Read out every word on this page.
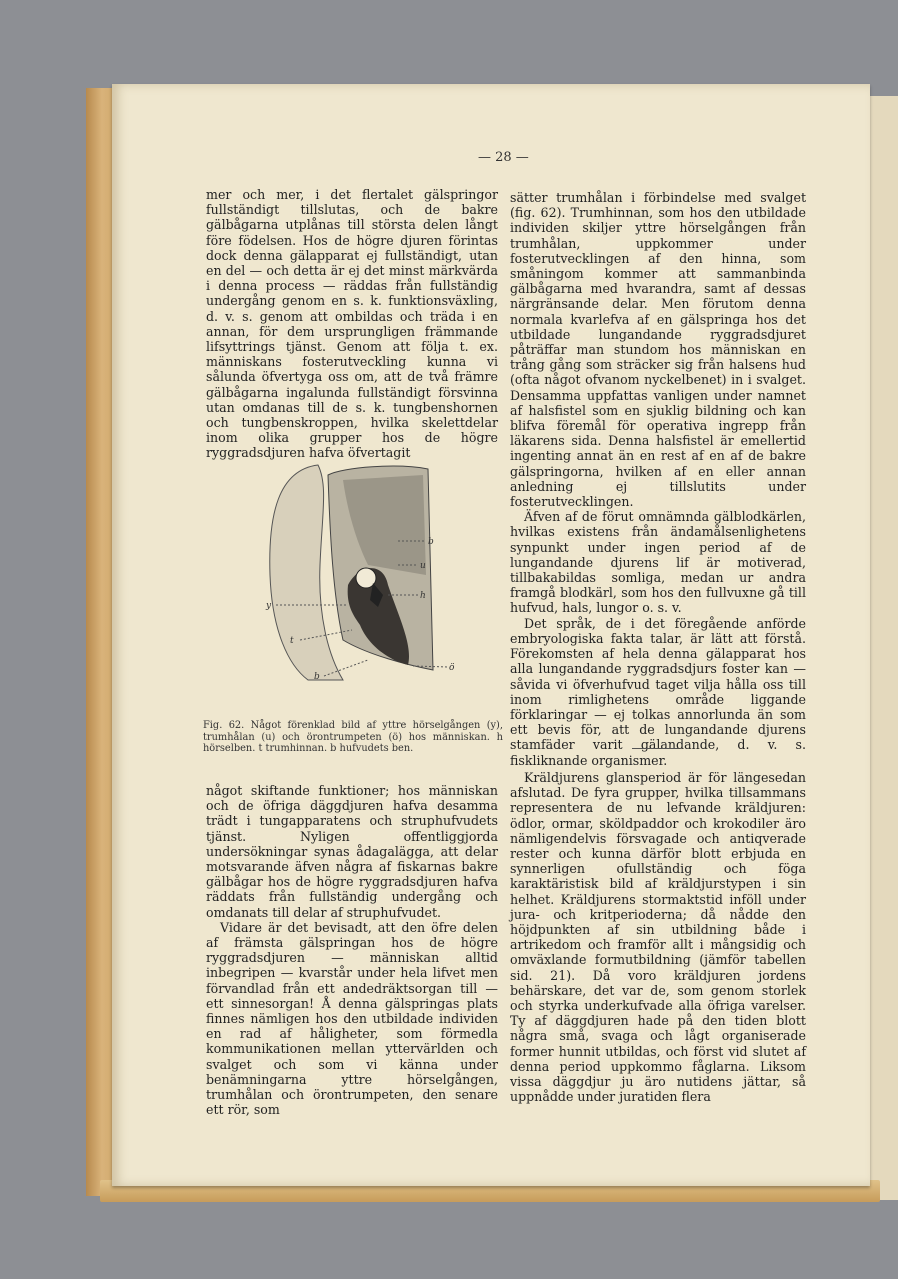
— 28 —

mer och mer, i det flertalet gälspringor fullständigt tillslutas, och de bakre gälbågarna utplånas till största delen långt före födelsen. Hos de högre djuren förintas dock denna gälapparat ej fullständigt, utan en del — och detta är ej det minst märkvärda i denna process — räddas från fullständig undergång genom en s. k. funktionsväxling, d. v. s. genom att ombildas och träda i en annan, för dem ursprungligen främmande lifsyttrings tjänst. Genom att följa t. ex. människans fosterutveckling kunna vi sålunda öfvertyga oss om, att de två främre gälbågarna ingalunda fullständigt försvinna utan omdanas till de s. k. tungbenshornen och tungbenskroppen, hvilka skelettdelar inom olika grupper hos de högre ryggradsdjuren hafva öfvertagit

b
u
h
y
t
b
ö
Fig. 62. Något förenklad bild af yttre hörselgången (y), trumhålan (u) och örontrumpeten (ö) hos människan. h hörselben. t trumhinnan. b hufvudets ben.

något skiftande funktioner; hos människan och de öfriga däggdjuren hafva desamma trädt i tungapparatens och struphufvudets tjänst. Nyligen offentliggjorda undersökningar synas ådagalägga, att delar motsvarande äfven några af fiskarnas bakre gälbågar hos de högre ryggradsdjuren hafva räddats från fullständig undergång och omdanats till delar af struphufvudet.

Vidare är det bevisadt, att den öfre delen af främsta gälspringan hos de högre ryggradsdjuren — människan alltid inbegripen — kvarstår under hela lifvet men förvandlad från ett andedräktsorgan till — ett sinnesorgan! Å denna gälspringas plats finnes nämligen hos den utbildade individen en rad af håligheter, som förmedla kommunikationen mellan yttervärlden och svalget och som vi känna under benämningarna yttre hörselgången, trumhålan och örontrumpeten, den senare ett rör, som

sätter trumhålan i förbindelse med svalget (fig. 62). Trumhinnan, som hos den utbildade individen skiljer yttre hörselgången från trumhålan, uppkommer under fosterutvecklingen af den hinna, som småningom kommer att sammanbinda gälbågarna med hvarandra, samt af dessas närgränsande delar. Men förutom denna normala kvarlefva af en gälspringa hos det utbildade lungandande ryggradsdjuret påträffar man stundom hos människan en trång gång som sträcker sig från halsens hud (ofta något ofvanom nyckelbenet) in i svalget. Densamma uppfattas vanligen under namnet af halsfistel som en sjuklig bildning och kan blifva föremål för operativa ingrepp från läkarens sida. Denna halsfistel är emellertid ingenting annat än en rest af en af de bakre gälspringorna, hvilken af en eller annan anledning ej tillslutits under fosterutvecklingen.

Äfven af de förut omnämnda gälblodkärlen, hvilkas existens från ändamålsenlighetens synpunkt under ingen period af de lungandande djurens lif är motiverad, tillbakabildas somliga, medan ur andra framgå blodkärl, som hos den fullvuxne gå till hufvud, hals, lungor o. s. v.

Det språk, de i det föregående anförde embryologiska fakta talar, är lätt att förstå. Förekomsten af hela denna gälapparat hos alla lungandande ryggradsdjurs foster kan — såvida vi öfverhufvud taget vilja hålla oss till inom rimlighetens område liggande förklaringar — ej tolkas annorlunda än som ett bevis för, att de lungandande djurens stamfäder varit gälandande, d. v. s. fiskliknande organismer.

Kräldjurens glansperiod är för längesedan afslutad. De fyra grupper, hvilka tillsammans representera de nu lefvande kräldjuren: ödlor, ormar, sköldpaddor och krokodiler äro nämligendelvis försvagade och antiqverade rester och kunna därför blott erbjuda en synnerligen ofullständig och föga karaktäristisk bild af kräldjurstypen i sin helhet. Kräldjurens stormaktstid inföll under jura- och kritperioderna; då nådde den höjdpunkten af sin utbildning både i artrikedom och framför allt i mångsidig och omväxlande formutbildning (jämför tabellen sid. 21). Då voro kräldjuren jordens behärskare, det var de, som genom storlek och styrka underkufvade alla öfriga varelser. Ty af däggdjuren hade på den tiden blott några små, svaga och lågt organiserade former hunnit utbildas, och först vid slutet af denna period uppkommo fåglarna. Liksom vissa däggdjur ju äro nutidens jättar, så uppnådde under juratiden flera
